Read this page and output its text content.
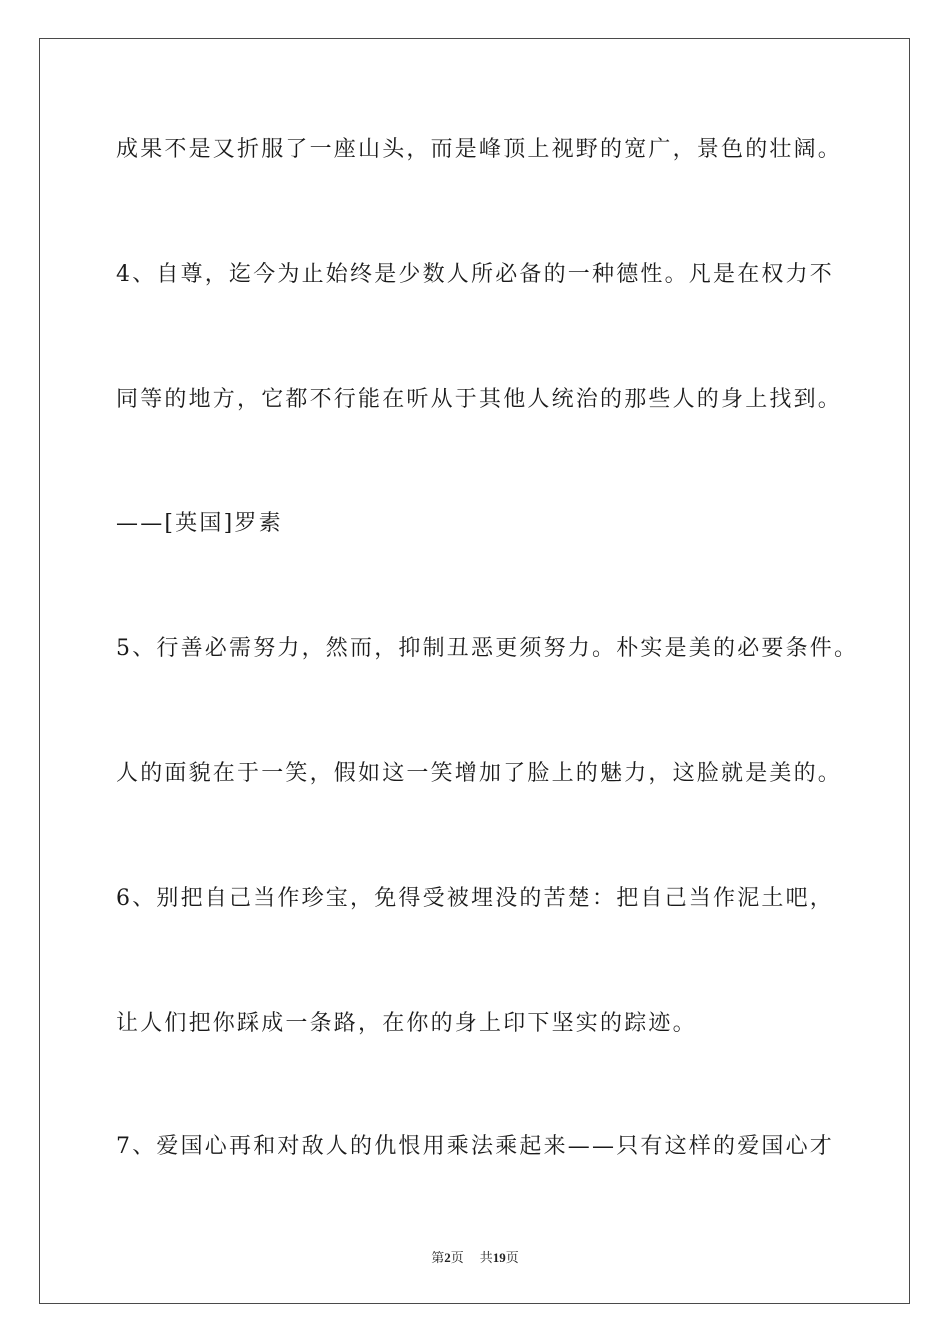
成果不是又折服了一座山头，而是峰顶上视野的宽广，景色的壮阔。

4、自尊，迄今为止始终是少数人所必备的一种德性。凡是在权力不

同等的地方，它都不行能在听从于其他人统治的那些人的身上找到。

——[英国]罗素

5、行善必需努力，然而，抑制丑恶更须努力。朴实是美的必要条件。

人的面貌在于一笑，假如这一笑增加了脸上的魅力，这脸就是美的。

6、别把自己当作珍宝，免得受被埋没的苦楚：把自己当作泥土吧，

让人们把你踩成一条路，在你的身上印下坚实的踪迹。

7、爱国心再和对敌人的仇恨用乘法乘起来——只有这样的爱国心才

第2页 共19页
